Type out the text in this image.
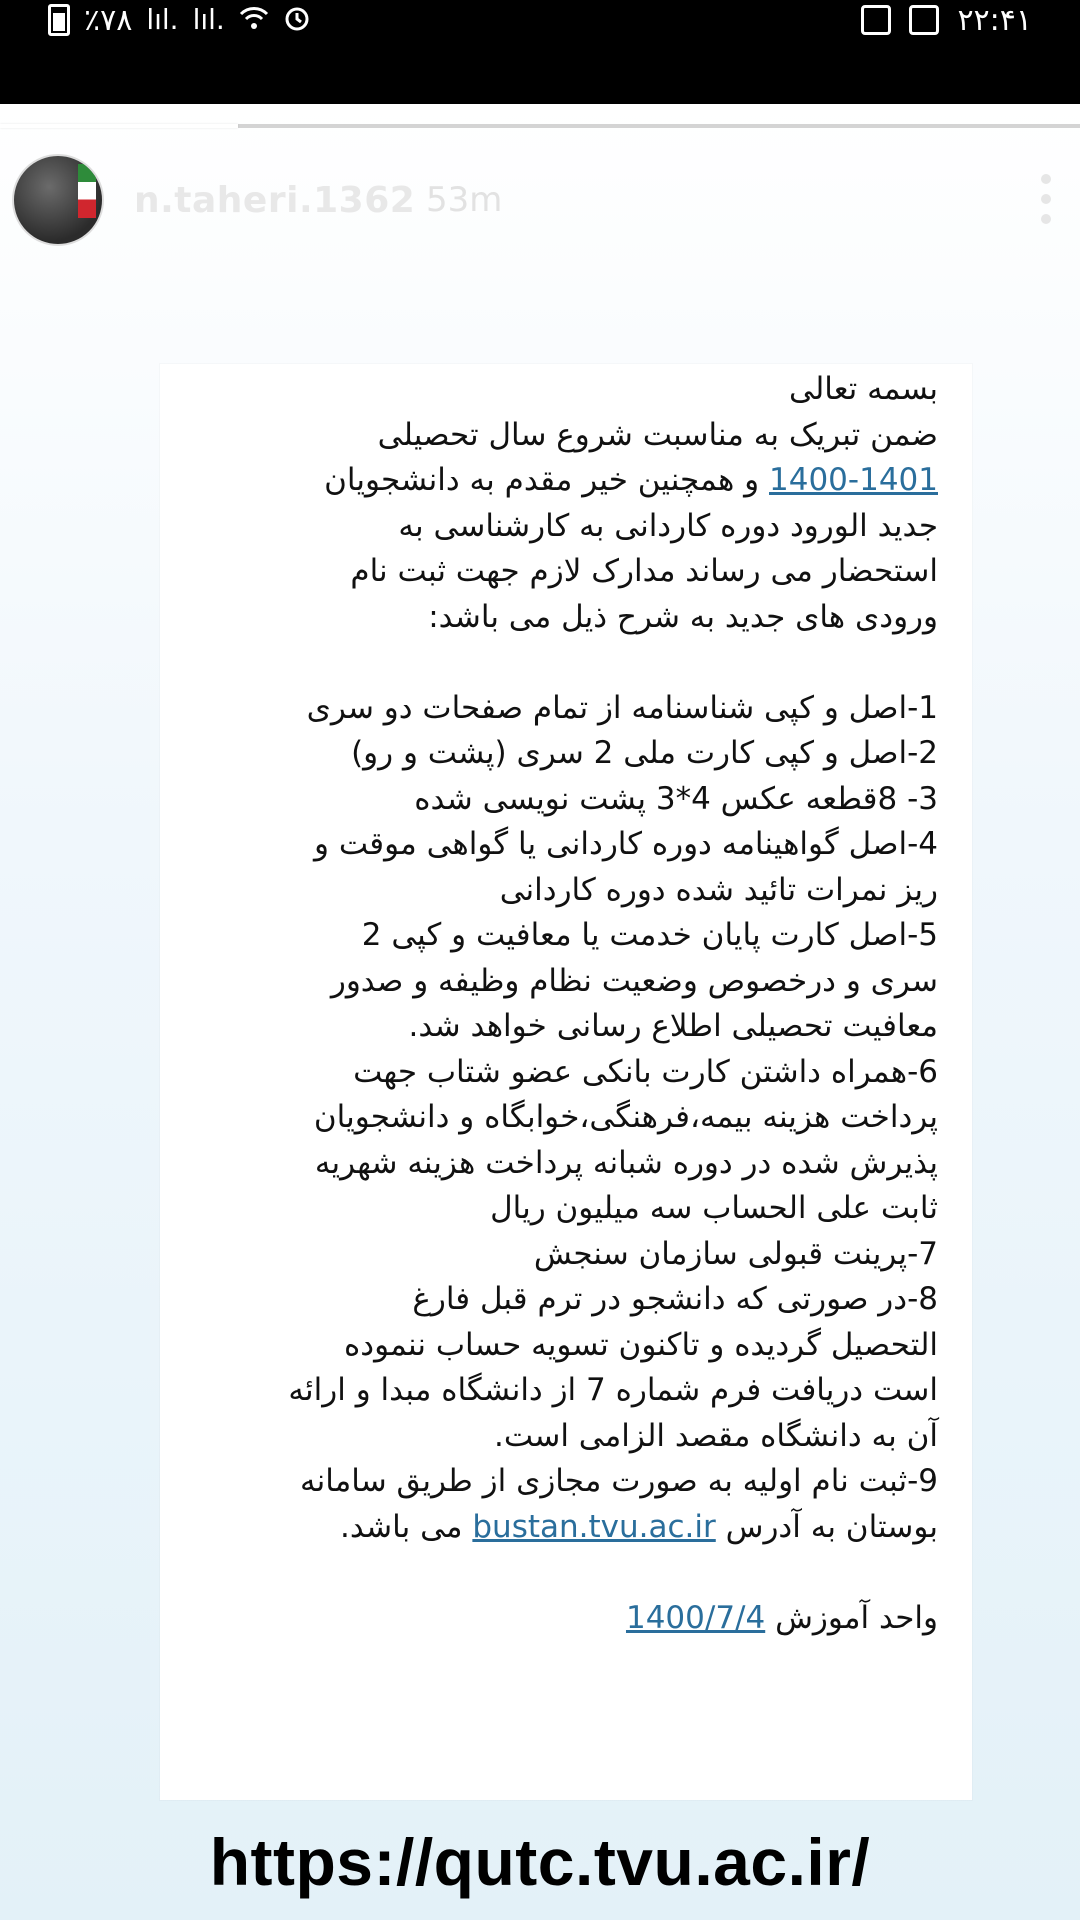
٪۷۸ lıl. lıl.	۲۲:۴۱
n.taheri.1362 53m
بسمه تعالی
ضمن تبریک به مناسبت شروع سال تحصیلی
1400-1401 و همچنین خیر مقدم به دانشجویان
جدید الورود دوره کاردانی به کارشناسی به
استحضار می رساند مدارک لازم جهت ثبت نام
ورودی های جدید به شرح ذیل می باشد:
1-اصل و کپی شناسنامه از تمام صفحات دو سری
2-اصل و کپی کارت ملی 2 سری (پشت و رو)
3- 8قطعه عکس 4*3 پشت نویسی شده
4-اصل گواهینامه دوره کاردانی یا گواهی موقت و
ریز نمرات تائید شده دوره کاردانی
5-اصل کارت پایان خدمت یا معافیت و کپی 2
سری و درخصوص وضعیت نظام وظیفه و صدور
معافیت تحصیلی اطلاع رسانی خواهد شد.
6-همراه داشتن کارت بانکی عضو شتاب جهت
پرداخت هزینه بیمه،فرهنگی،خوابگاه و دانشجویان
پذیرش شده در دوره شبانه پرداخت هزینه شهریه
ثابت علی الحساب سه میلیون ریال
7-پرینت قبولی سازمان سنجش
8-در صورتی که دانشجو در ترم قبل فارغ
التحصیل گردیده و تاکنون تسویه حساب ننموده
است دریافت فرم شماره 7 از دانشگاه مبدا و ارائه
آن به دانشگاه مقصد الزامی است.
9-ثبت نام اولیه به صورت مجازی از طریق سامانه
بوستان به آدرس bustan.tvu.ac.ir می باشد.
واحد آموزش 1400/7/4
https://qutc.tvu.ac.ir/
